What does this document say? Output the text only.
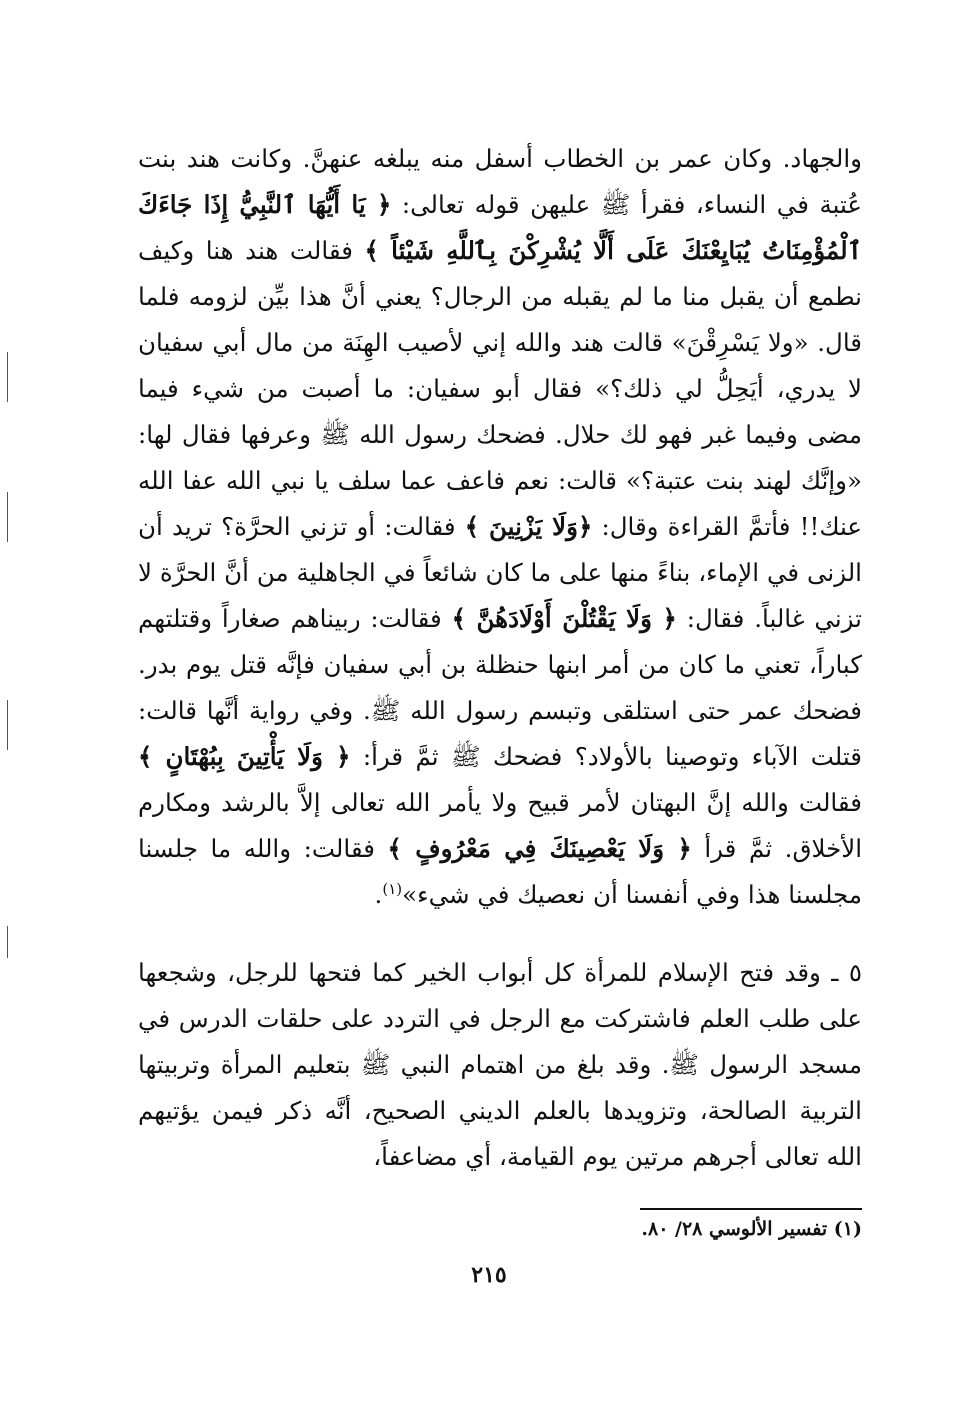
والجهاد. وكان عمر بن الخطاب أسفل منه يبلغه عنهنَّ. وكانت هند بنت عُتبة في النساء، فقرأ ﷺ عليهن قوله تعالى: ﴿ يَا أَيُّهَا ٱلنَّبِيُّ إِذَا جَاءَكَ ٱلْمُؤْمِنَاتُ يُبَايِعْنَكَ عَلَى أَلَّا يُشْرِكْنَ بِٱللَّهِ شَيْئاً ﴾ فقالت هند هنا وكيف نطمع أن يقبل منا ما لم يقبله من الرجال؟ يعني أنَّ هذا بيِّن لزومه فلما قال. «ولا يَسْرِقْنَ» قالت هند والله إني لأصيب الهِنَة من مال أبي سفيان لا يدري، أيَحِلُّ لي ذلك؟» فقال أبو سفيان: ما أصبت من شيء فيما مضى وفيما غبر فهو لك حلال. فضحك رسول الله ﷺ وعرفها فقال لها: «وإنَّك لهند بنت عتبة؟» قالت: نعم فاعف عما سلف يا نبي الله عفا الله عنك!! فأتمَّ القراءة وقال: ﴿وَلَا يَزْنِينَ ﴾ فقالت: أو تزني الحرَّة؟ تريد أن الزنى في الإماء، بناءً منها على ما كان شائعاً في الجاهلية من أنَّ الحرَّة لا تزني غالباً. فقال: ﴿ وَلَا يَقْتُلْنَ أَوْلَادَهُنَّ ﴾ فقالت: ربيناهم صغاراً وقتلتهم كباراً، تعني ما كان من أمر ابنها حنظلة بن أبي سفيان فإنَّه قتل يوم بدر. فضحك عمر حتى استلقى وتبسم رسول الله ﷺ. وفي رواية أنَّها قالت: قتلت الآباء وتوصينا بالأولاد؟ فضحك ﷺ ثمَّ قرأ: ﴿ وَلَا يَأْتِينَ بِبُهْتَانٍ ﴾ فقالت والله إنَّ البهتان لأمر قبيح ولا يأمر الله تعالى إلاَّ بالرشد ومكارم الأخلاق. ثمَّ قرأ ﴿ وَلَا يَعْصِينَكَ فِي مَعْرُوفٍ ﴾ فقالت: والله ما جلسنا مجلسنا هذا وفي أنفسنا أن نعصيك في شيء»$^{(١)}$.

٥ ـ وقد فتح الإسلام للمرأة كل أبواب الخير كما فتحها للرجل، وشجعها على طلب العلم فاشتركت مع الرجل في التردد على حلقات الدرس في مسجد الرسول ﷺ. وقد بلغ من اهتمام النبي ﷺ بتعليم المرأة وتربيتها التربية الصالحة، وتزويدها بالعلم الديني الصحيح، أنَّه ذكر فيمن يؤتيهم الله تعالى أجرهم مرتين يوم القيامة، أي مضاعفاً،

(١) تفسير الألوسي ٢٨/ ٨٠.
٢١٥
